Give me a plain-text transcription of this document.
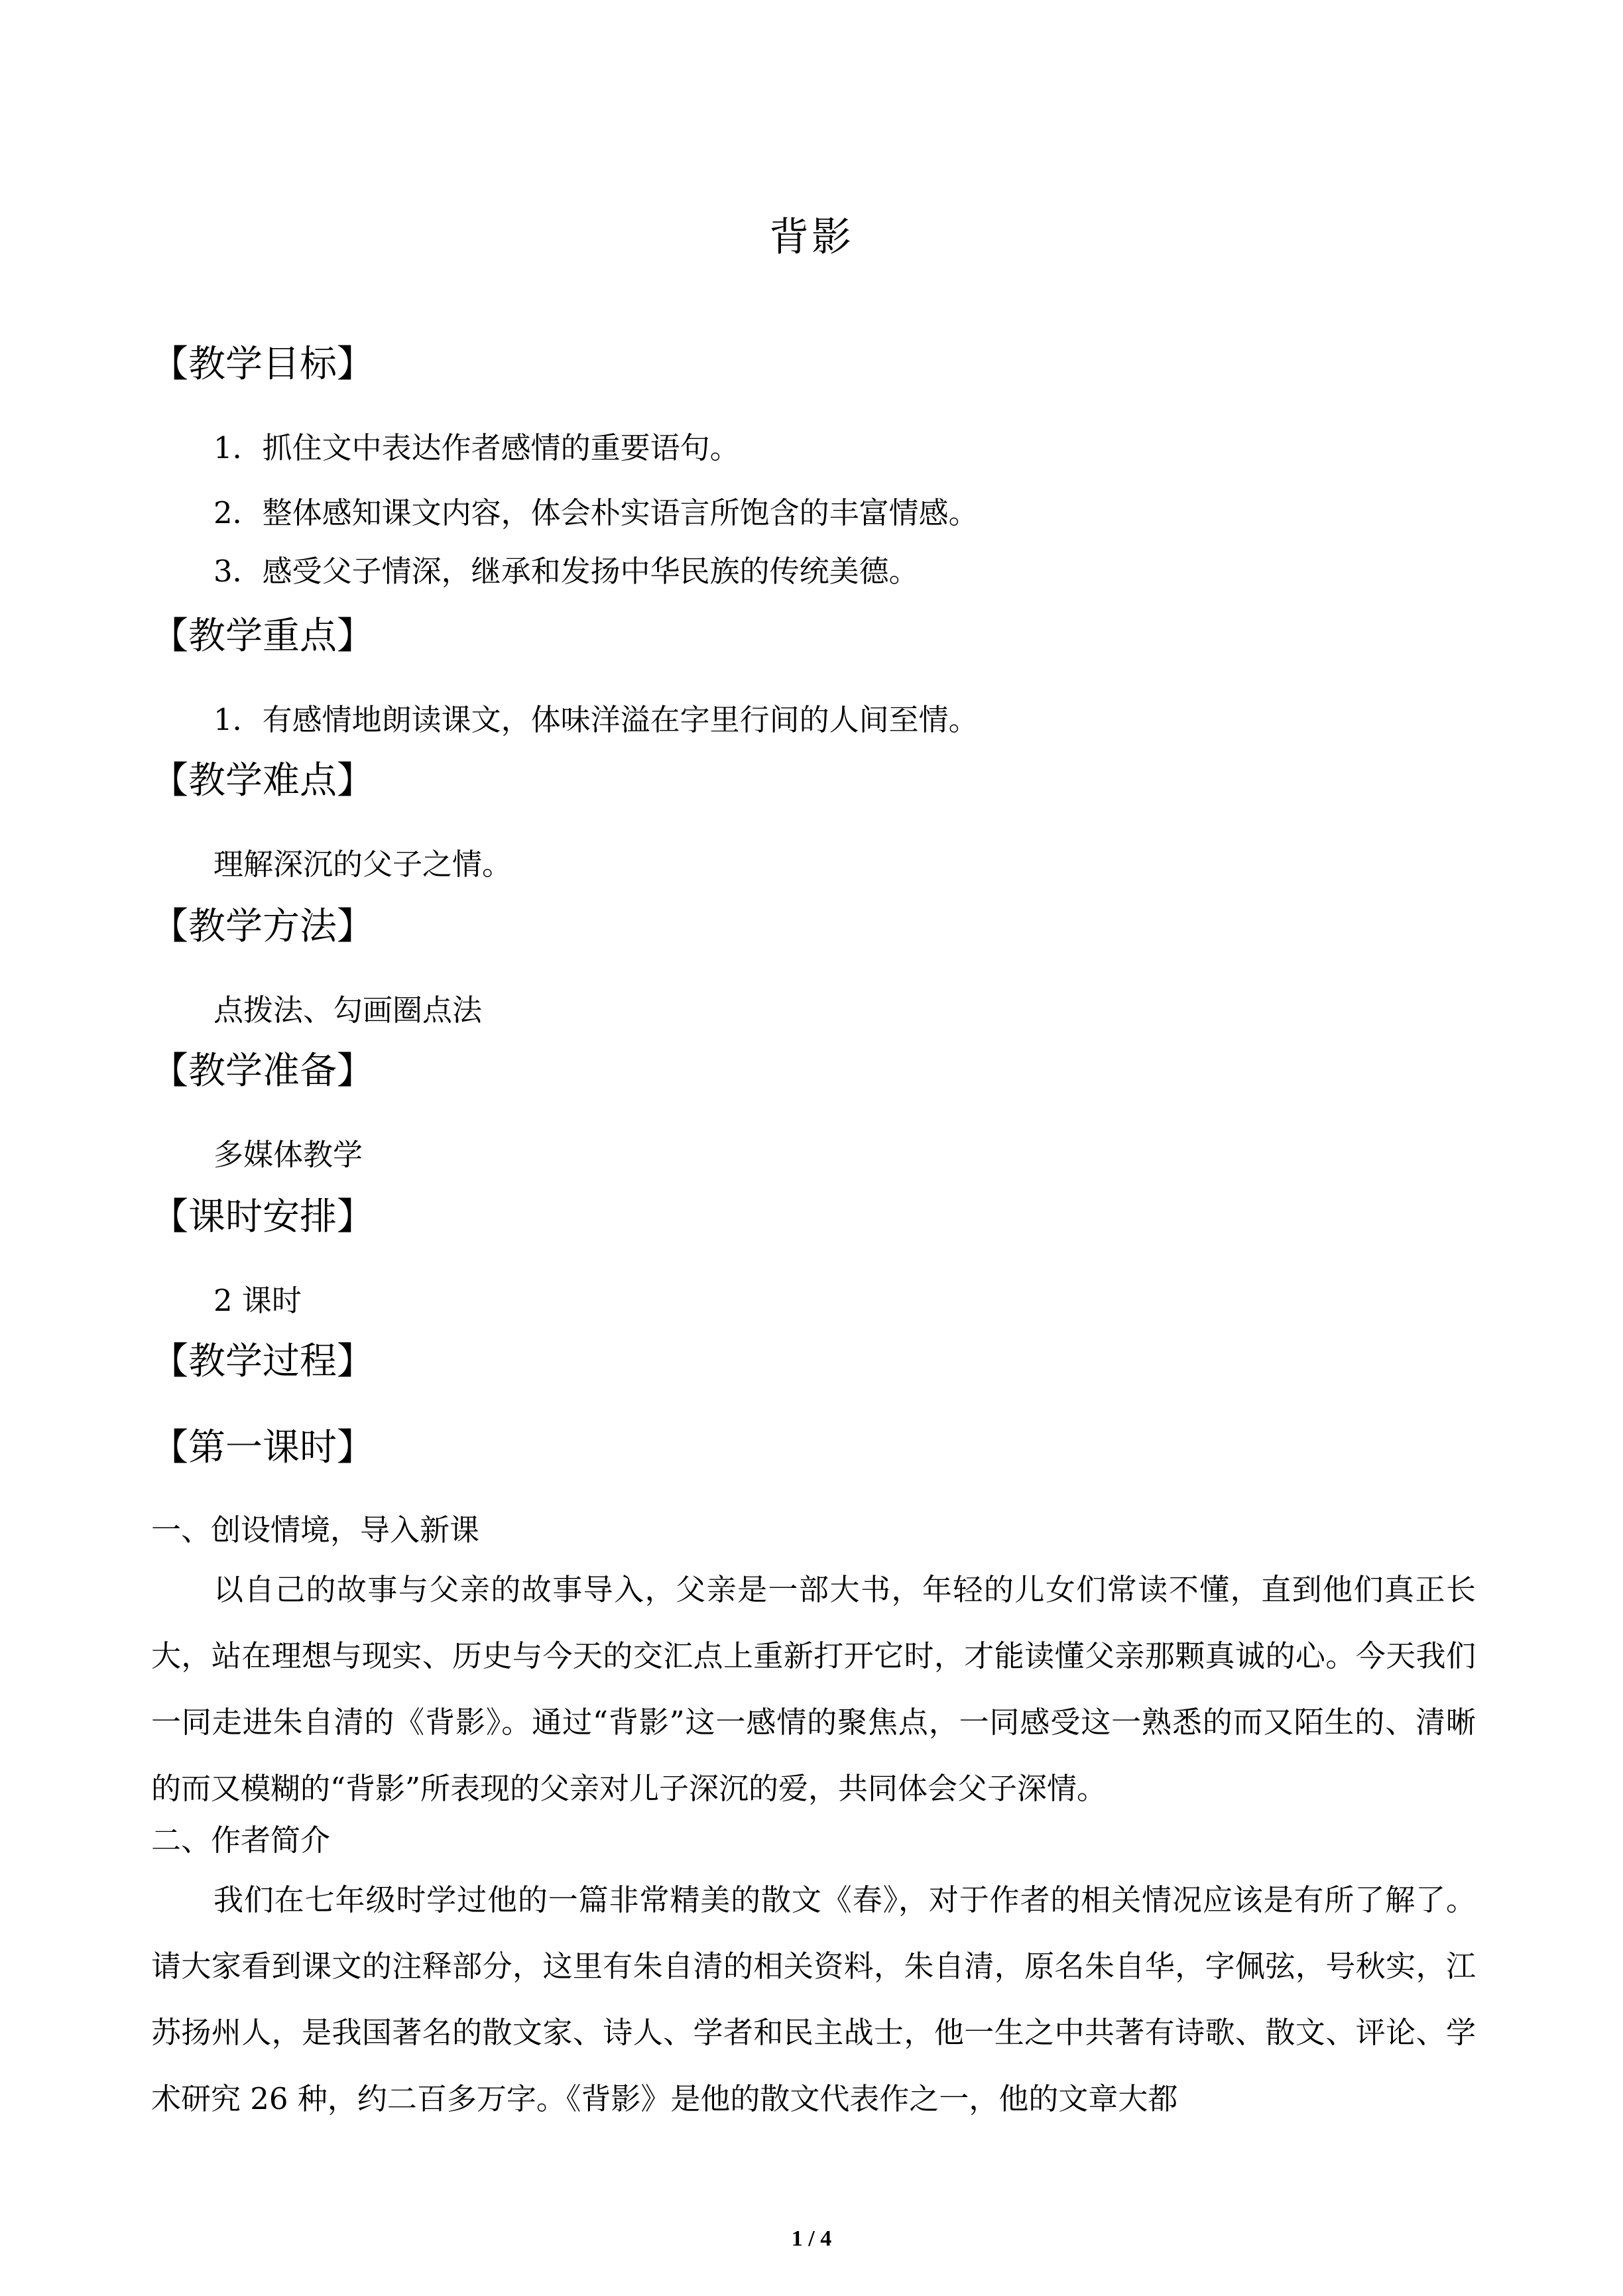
背影
【教学目标】
1．抓住文中表达作者感情的重要语句。
2．整体感知课文内容，体会朴实语言所饱含的丰富情感。
3．感受父子情深，继承和发扬中华民族的传统美德。
【教学重点】
1．有感情地朗读课文，体味洋溢在字里行间的人间至情。
【教学难点】
理解深沉的父子之情。
【教学方法】
点拨法、勾画圈点法
【教学准备】
多媒体教学
【课时安排】
2 课时
【教学过程】
【第一课时】
一、创设情境，导入新课
以自己的故事与父亲的故事导入，父亲是一部大书，年轻的儿女们常读不懂，直到他们真正长大，站在理想与现实、历史与今天的交汇点上重新打开它时，才能读懂父亲那颗真诚的心。今天我们一同走进朱自清的《背影》。通过“背影”这一感情的聚焦点，一同感受这一熟悉的而又陌生的、清晰的而又模糊的“背影”所表现的父亲对儿子深沉的爱，共同体会父子深情。
二、作者简介
我们在七年级时学过他的一篇非常精美的散文《春》，对于作者的相关情况应该是有所了解了。请大家看到课文的注释部分，这里有朱自清的相关资料，朱自清，原名朱自华，字佩弦，号秋实，江苏扬州人，是我国著名的散文家、诗人、学者和民主战士，他一生之中共著有诗歌、散文、评论、学术研究 26 种，约二百多万字。《背影》是他的散文代表作之一，他的文章大都
1 / 4
